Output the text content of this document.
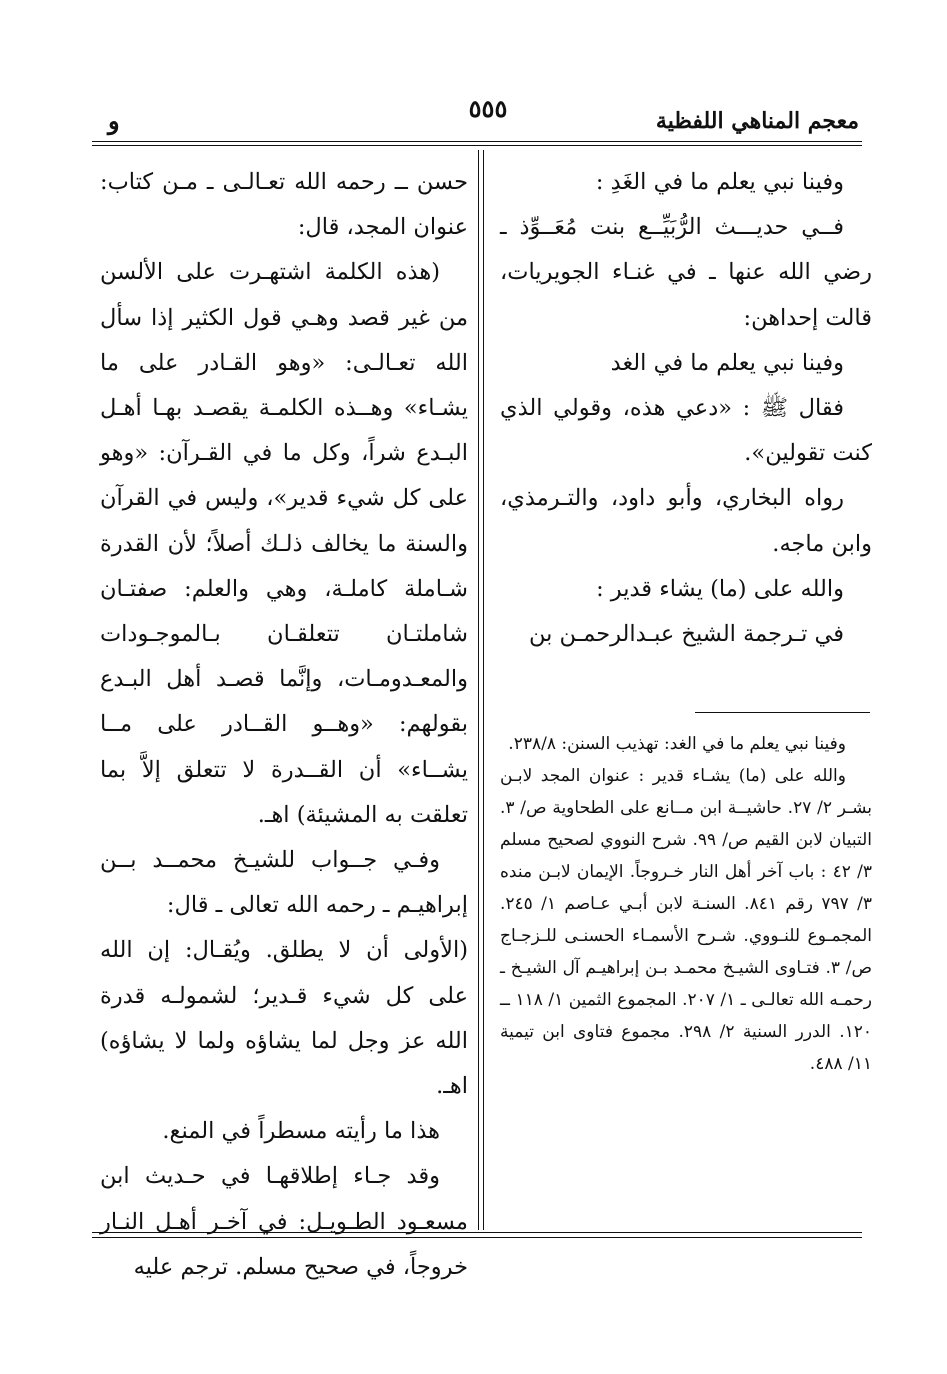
معجم المناهي اللفظية
٥٥٥
و

وفينا نبي يعلم ما في الغَدِ :

فــي حديـــث الرُّبَيِّــع بنت مُعَــوِّذ ـ رضي الله عنها ـ في غنـاء الجويريات، قالت إحداهن:

وفينا نبي يعلم ما في الغد

فقال ﷺ : «دعي هذه، وقولي الذي كنت تقولين».

رواه البخاري، وأبو داود، والتـرمذي، وابن ماجه.

والله على (ما) يشاء قدير :

في تـرجمة الشيخ عبـدالرحمـن بن

وفينا نبي يعلم ما في الغد: تهذيب السنن: ٢٣٨/٨.

والله على (ما) يشـاء قدير : عنوان المجد لابـن بشـر ٢/ ٢٧. حاشيــة ابن مــانع على الطحاوية ص/ ٣. التبيان لابن القيم ص/ ٩٩. شرح النووي لصحيح مسلم ٣/ ٤٢ : باب آخر أهل النار خـروجاً. الإيمان لابـن منده ٣/ ٧٩٧ رقم ٨٤١. السنـة لابن أبـي عـاصم ١/ ٢٤٥. المجمـوع للنـووي. شـرح الأسمـاء الحسنـى للـزجـاج ص/ ٣. فتـاوى الشيـخ محمـد بـن إبراهيـم آل الشيـخ ـ رحمـه الله تعالـى ـ ١/ ٢٠٧. المجموع الثمين ١/ ١١٨ ــ ١٢٠. الدرر السنية ٢/ ٢٩٨. مجموع فتاوى ابن تيمية ١١/ ٤٨٨.

حسن ــ رحمه الله تعـالـى ـ مـن كتاب: عنوان المجد، قال:

(هذه الكلمة اشتهـرت على الألسن من غير قصد وهـي قول الكثير إذا سأل الله تعـالـى: «وهو القـادر على ما يشـاء» وهــذه الكلمـة يقصـد بهـا أهـل البـدع شراً، وكل ما في القـرآن: «وهو على كل شيء قدير»، وليس في القرآن والسنة ما يخالف ذلـك أصلاً؛ لأن القدرة شـاملة كاملـة، وهي والعلم: صفتـان شاملتـان تتعلقـان بـالموجـودات والمعـدومـات، وإنَّما قصـد أهل البـدع بقولهم: «وهــو القــادر على مــا يشــاء» أن القــدرة لا تتعلق إلاَّ بما تعلقت به المشيئة) اهـ.

وفـي جــواب للشيـخ محمــد بــن إبراهيـم ـ رحمه الله تعالى ـ قال:

(الأولى أن لا يطلق. ويُقـال: إن الله على كل شيء قـدير؛ لشمولـه قدرة الله عز وجل لما يشاؤه ولما لا يشاؤه) اهـ.

هذا ما رأيته مسطراً في المنع.

وقد جـاء إطلاقهـا في حـديث ابن مسعـود الطـويـل: في آخـر أهـل النـار خروجاً، في صحيح مسلم. ترجم عليه
